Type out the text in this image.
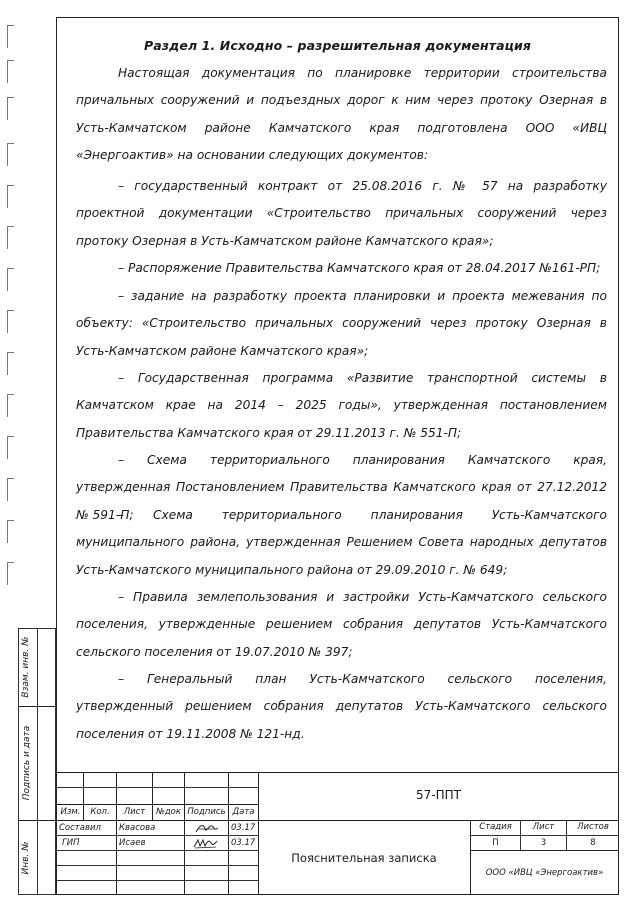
Взам. инв. №
Подпись и дата
Инв. №
Раздел 1. Исходно – разрешительная документация

Настоящая документация по планировке территории строительства причальных сооружений и подъездных дорог к ним через протоку Озерная в Усть-Камчатском районе Камчатского края подготовлена ООО «ИВЦ «Энергоактив» на основании следующих документов:

– государственный контракт от 25.08.2016 г. № 57 на разработку проектной документации «Строительство причальных сооружений через протоку Озерная в Усть-Камчатском районе Камчатского края»;

– Распоряжение Правительства Камчатского края от 28.04.2017 №161-РП;

– задание на разработку проекта планировки и проекта межевания по объекту: «Строительство причальных сооружений через протоку Озерная в Усть-Камчатском районе Камчатского края»;

– Государственная программа «Развитие транспортной системы в Камчатском крае на 2014 – 2025 годы», утвержденная постановлением Правительства Камчатского края от 29.11.2013 г. № 551-П;

– Схема территориального планирования Камчатского края, утвержденная Постановлением Правительства Камчатского края от 27.12.2012 № 591-П;

– Схема территориального планирования Усть-Камчатского муниципального района, утвержденная Решением Совета народных депутатов Усть-Камчатского муниципального района от 29.09.2010 г. № 649;

– Правила землепользования и застройки Усть-Камчатского сельского поселения, утвержденные решением собрания депутатов Усть-Камчатского сельского поселения от 19.07.2010 № 397;

– Генеральный план Усть-Камчатского сельского поселения, утвержденный решением собрания депутатов Усть-Камчатского сельского поселения от 19.11.2008 № 121-нд.

57-ППТ
Изм.	Кол.	Лист	№док Подпись Дата
Составил Квасова	03.17
ГИП	Исаев	03.17
Пояснительная записка
Стадия	Лист	Листов
П	3	8
ООО «ИВЦ «Энергоактив»
